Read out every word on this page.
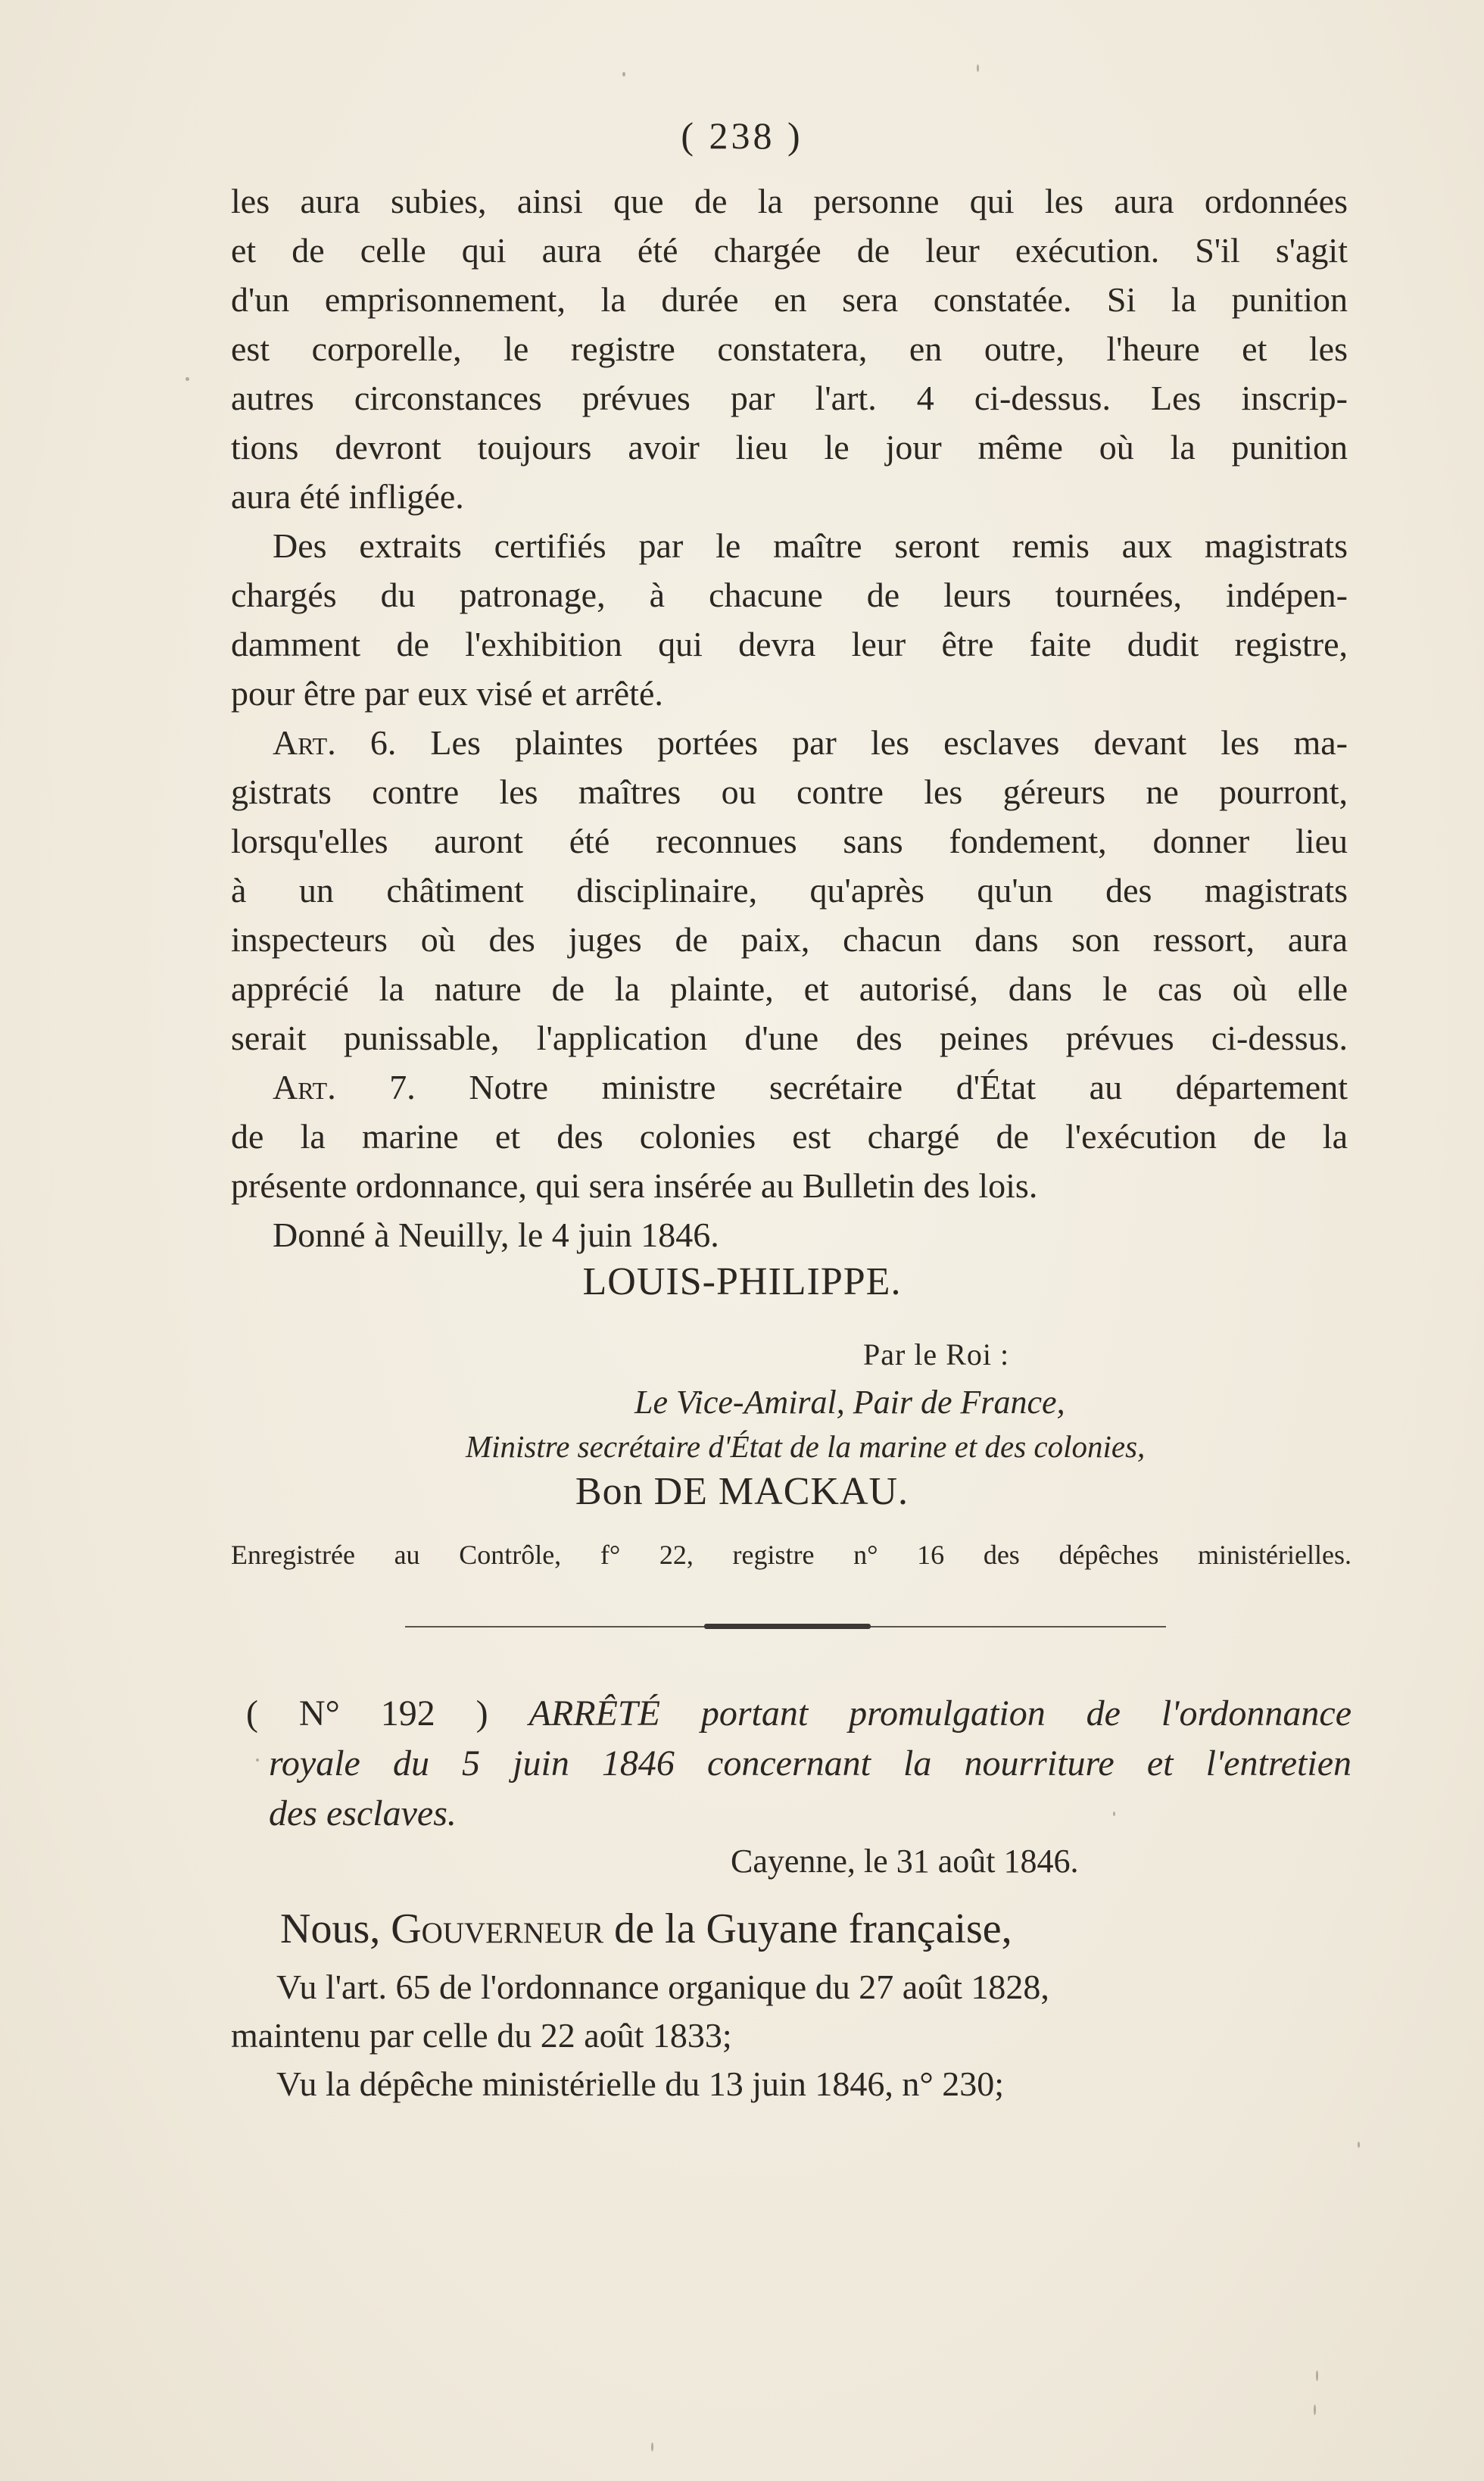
( 238 )
les aura subies, ainsi que de la personne qui les aura ordonnées
et de celle qui aura été chargée de leur exécution. S'il s'agit
d'un emprisonnement, la durée en sera constatée. Si la punition
est corporelle, le registre constatera, en outre, l'heure et les
autres circonstances prévues par l'art. 4 ci-dessus. Les inscrip-
tions devront toujours avoir lieu le jour même où la punition
aura été infligée.
Des extraits certifiés par le maître seront remis aux magistrats
chargés du patronage, à chacune de leurs tournées, indépen-
damment de l'exhibition qui devra leur être faite dudit registre,
pour être par eux visé et arrêté.
Art. 6. Les plaintes portées par les esclaves devant les ma-
gistrats contre les maîtres ou contre les géreurs ne pourront,
lorsqu'elles auront été reconnues sans fondement, donner lieu
à un châtiment disciplinaire, qu'après qu'un des magistrats
inspecteurs où des juges de paix, chacun dans son ressort, aura
apprécié la nature de la plainte, et autorisé, dans le cas où elle
serait punissable, l'application d'une des peines prévues ci-dessus.
Art. 7. Notre ministre secrétaire d'État au département
de la marine et des colonies est chargé de l'exécution de la
présente ordonnance, qui sera insérée au Bulletin des lois.
Donné à Neuilly, le 4 juin 1846.
LOUIS-PHILIPPE.
Par le Roi :
Le Vice-Amiral, Pair de France,
Ministre secrétaire d'État de la marine et des colonies,
Bon DE MACKAU.
Enregistrée au Contrôle, f° 22, registre n° 16 des dépêches ministérielles.
( N° 192 ) ARRÊTÉ portant promulgation de l'ordonnance
royale du 5 juin 1846 concernant la nourriture et l'entretien
des esclaves.
Cayenne, le 31 août 1846.
Nous, Gouverneur de la Guyane française,
Vu l'art. 65 de l'ordonnance organique du 27 août 1828,
maintenu par celle du 22 août 1833;
Vu la dépêche ministérielle du 13 juin 1846, n° 230;
